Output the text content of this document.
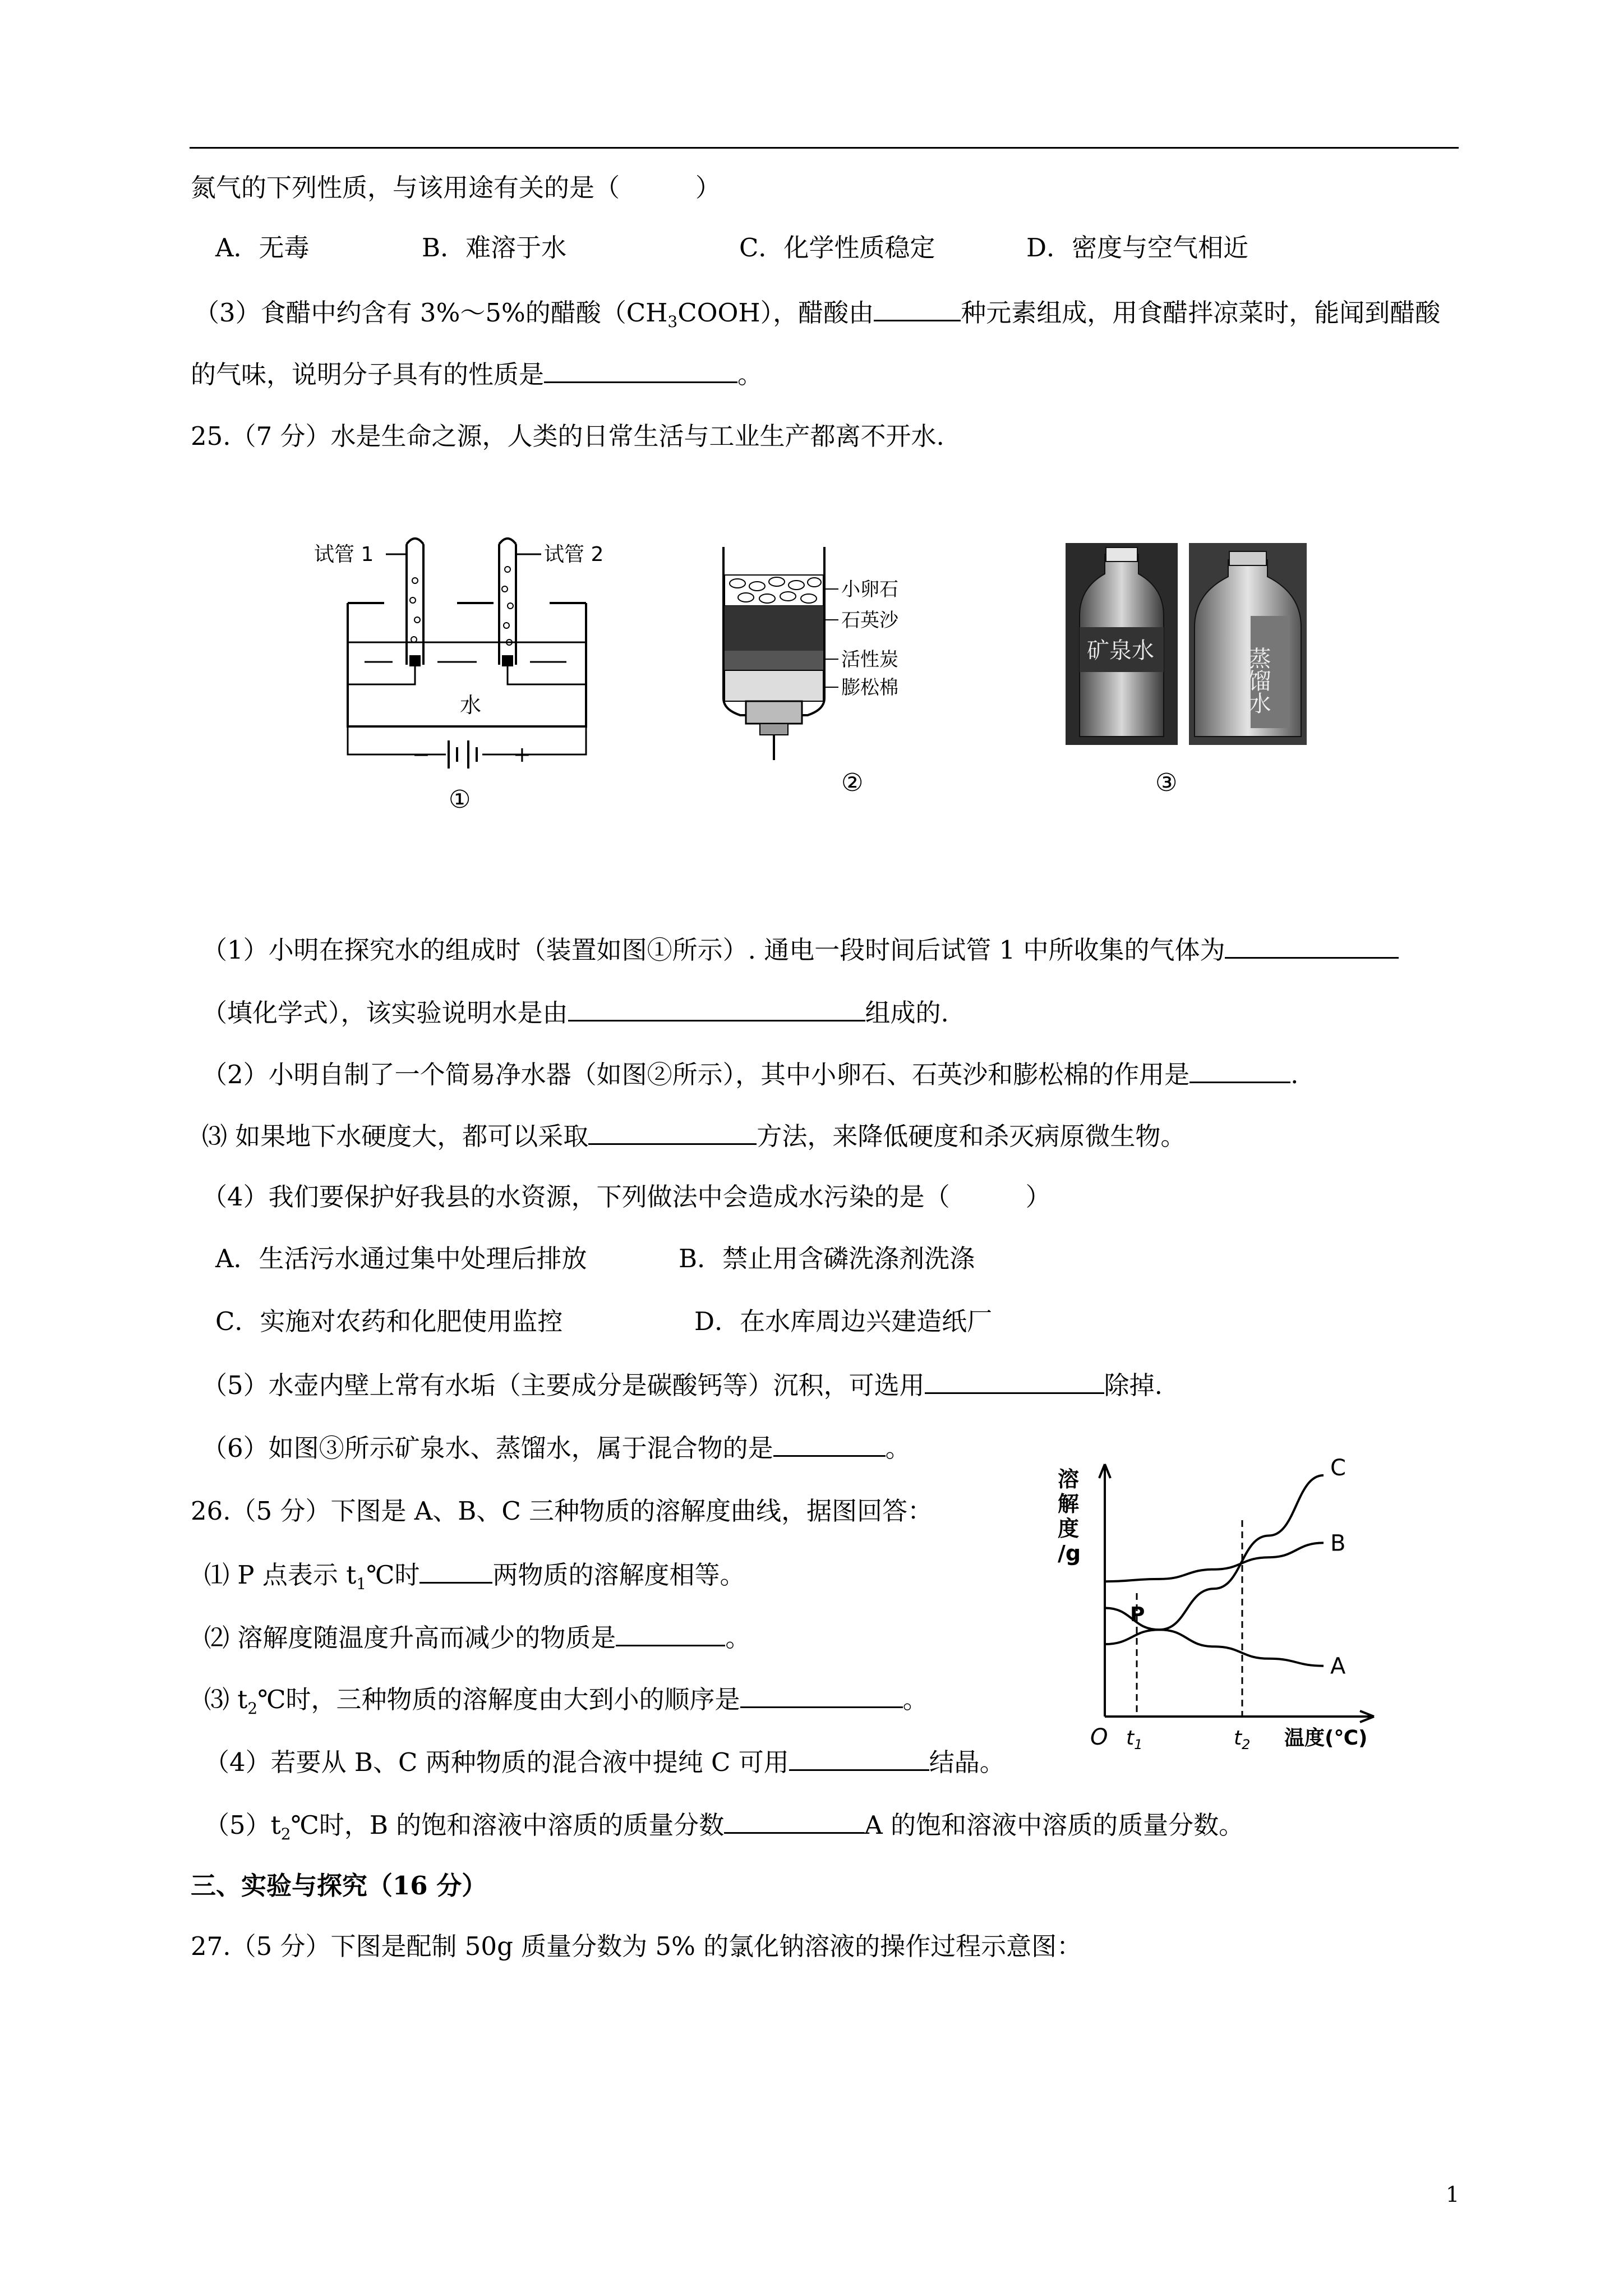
氮气的下列性质，与该用途有关的是（　　　）
A．无毒	B．难溶于水	C．化学性质稳定	D．密度与空气相近
（3）食醋中约含有 3%～5%的醋酸$(CH_3COOH)$，醋酸由	种元素组成，用食醋拌凉菜时，能闻到醋酸
的气味，说明分子具有的性质是	。
25.（7 分）水是生命之源，人类的日常生活与工业生产都离不开水.
试管 1	试管 2
水
−	+
①
小卵石
石英沙
活性炭
膨松棉
②
矿泉水	蒸馏水
③
（1）小明在探究水的组成时（装置如图①所示）. 通电一段时间后试管 1 中所收集的气体为
（填化学式），该实验说明水是由	组成的.
（2）小明自制了一个简易净水器（如图②所示），其中小卵石、石英沙和膨松棉的作用是	.
⑶ 如果地下水硬度大，都可以采取	方法，来降低硬度和杀灭病原微生物。
（4）我们要保护好我县的水资源，下列做法中会造成水污染的是（　　　）
A．生活污水通过集中处理后排放	B．禁止用含磷洗涤剂洗涤
C．实施对农药和化肥使用监控	D．在水库周边兴建造纸厂
（5）水壶内壁上常有水垢（主要成分是碳酸钙等）沉积，可选用	除掉.
（6）如图③所示矿泉水、蒸馏水，属于混合物的是	。
26.（5 分）下图是 A、B、C 三种物质的溶解度曲线，据图回答：
⑴ P 点表示 $t_1℃$时	两物质的溶解度相等。
⑵ 溶解度随温度升高而减少的物质是	。
⑶ $t_2℃$时，三种物质的溶解度由大到小的顺序是	。
（4）若要从 B、C 两种物质的混合液中提纯 C 可用	结晶。
$(5)t_2℃$时，B 的饱和溶液中溶质的质量分数	A 的饱和溶液中溶质的质量分数。
溶
解
度
/g
O $t_1$	$t_2$ 温度(℃)
A
B
C
P
三、实验与探究（16 分）
27.（5 分）下图是配制 50g 质量分数为 5% 的氯化钠溶液的操作过程示意图：
1
